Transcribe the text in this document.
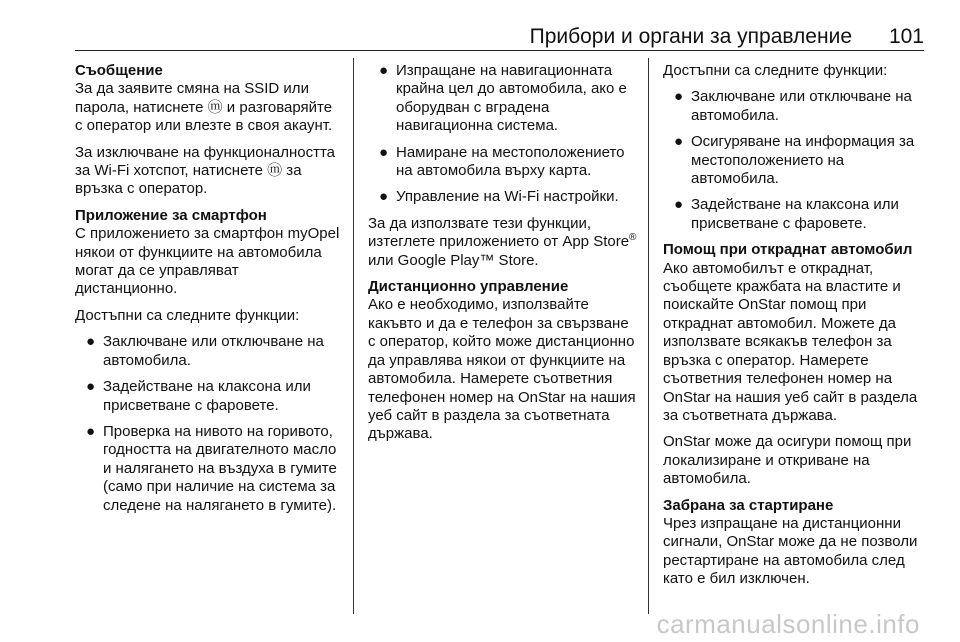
Прибори и органи за управление 101
Съобщение

За да заявите смяна на SSID или парола, натиснете ⓜ и разговаряйте с оператор или влезте в своя акаунт.

За изключване на функционалността за Wi-Fi хотспот, натиснете ⓜ за връзка с оператор.

Приложение за смартфон

С приложението за смартфон myOpel някои от функциите на автомобила могат да се управляват дистанционно.

Достъпни са следните функции:

● Заключване или отключване на автомобила.
● Задействане на клаксона или присветване с фаровете.
● Проверка на нивото на горивото, годността на двигателното масло и налягането на въздуха в гумите (само при наличие на система за следене на налягането в гумите).
● Изпращане на навигационната крайна цел до автомобила, ако е оборудван с вградена навигационна система.
● Намиране на местоположението на автомобила върху карта.
● Управление на Wi-Fi настройки.

За да използвате тези функции, изтеглете приложението от App Store® или Google Play™ Store.

Дистанционно управление

Ако е необходимо, използвайте какъвто и да е телефон за свързване с оператор, който може дистанционно да управлява някои от функциите на автомобила. Намерете съответния телефонен номер на OnStar на нашия уеб сайт в раздела за съответната държава.

Достъпни са следните функции:

● Заключване или отключване на автомобила.
● Осигуряване на информация за местоположението на автомобила.
● Задействане на клаксона или присветване с фаровете.
Помощ при откраднат автомобил

Ако автомобилът е откраднат, съобщете кражбата на властите и поискайте OnStar помощ при откраднат автомобил. Можете да използвате всякакъв телефон за връзка с оператор. Намерете съответния телефонен номер на OnStar на нашия уеб сайт в раздела за съответната държава.

OnStar може да осигури помощ при локализиране и откриване на автомобила.

Забрана за стартиране

Чрез изпращане на дистанционни сигнали, OnStar може да не позволи рестартиране на автомобила след като е бил изключен.

carmanualsonline.info
